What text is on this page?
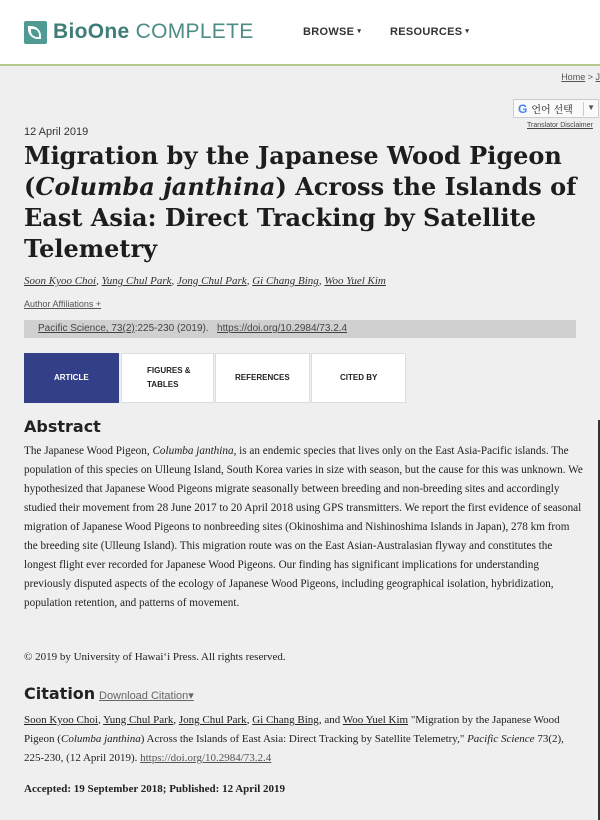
BioOne COMPLETE	BROWSE ▾	RESOURCES ▾
Home > J
G 언어 선택 ▼
Translator Disclaimer
12 April 2019
Migration by the Japanese Wood Pigeon (Columba janthina) Across the Islands of East Asia: Direct Tracking by Satellite Telemetry
Soon Kyoo Choi, Yung Chul Park, Jong Chul Park, Gi Chang Bing, Woo Yuel Kim
Author Affiliations +
Pacific Science, 73(2):225-230 (2019). https://doi.org/10.2984/73.2.4
ARTICLE
FIGURES &
TABLES
REFERENCES	CITED BY
Abstract

The Japanese Wood Pigeon, Columba janthina, is an endemic species that lives only on the East Asia-Pacific islands. The population of this species on Ulleung Island, South Korea varies in size with season, but the cause for this was unknown. We hypothesized that Japanese Wood Pigeons migrate seasonally between breeding and non-breeding sites and accordingly studied their movement from 28 June 2017 to 20 April 2018 using GPS transmitters. We report the first evidence of seasonal migration of Japanese Wood Pigeons to nonbreeding sites (Okinoshima and Nishinoshima Islands in Japan), 278 km from the breeding site (Ulleung Island). This migration route was on the East Asian-Australasian flyway and constitutes the longest flight ever recorded for Japanese Wood Pigeons. Our finding has significant implications for understanding previously disputed aspects of the ecology of Japanese Wood Pigeons, including geographical isolation, hybridization, population retention, and patterns of movement.

© 2019 by University of Hawai‘i Press. All rights reserved.

Citation Download Citation▾

Soon Kyoo Choi, Yung Chul Park, Jong Chul Park, Gi Chang Bing, and Woo Yuel Kim "Migration by the Japanese Wood Pigeon (Columba janthina) Across the Islands of East Asia: Direct Tracking by Satellite Telemetry," Pacific Science 73(2), 225-230, (12 April 2019). https://doi.org/10.2984/73.2.4

Accepted: 19 September 2018; Published: 12 April 2019
